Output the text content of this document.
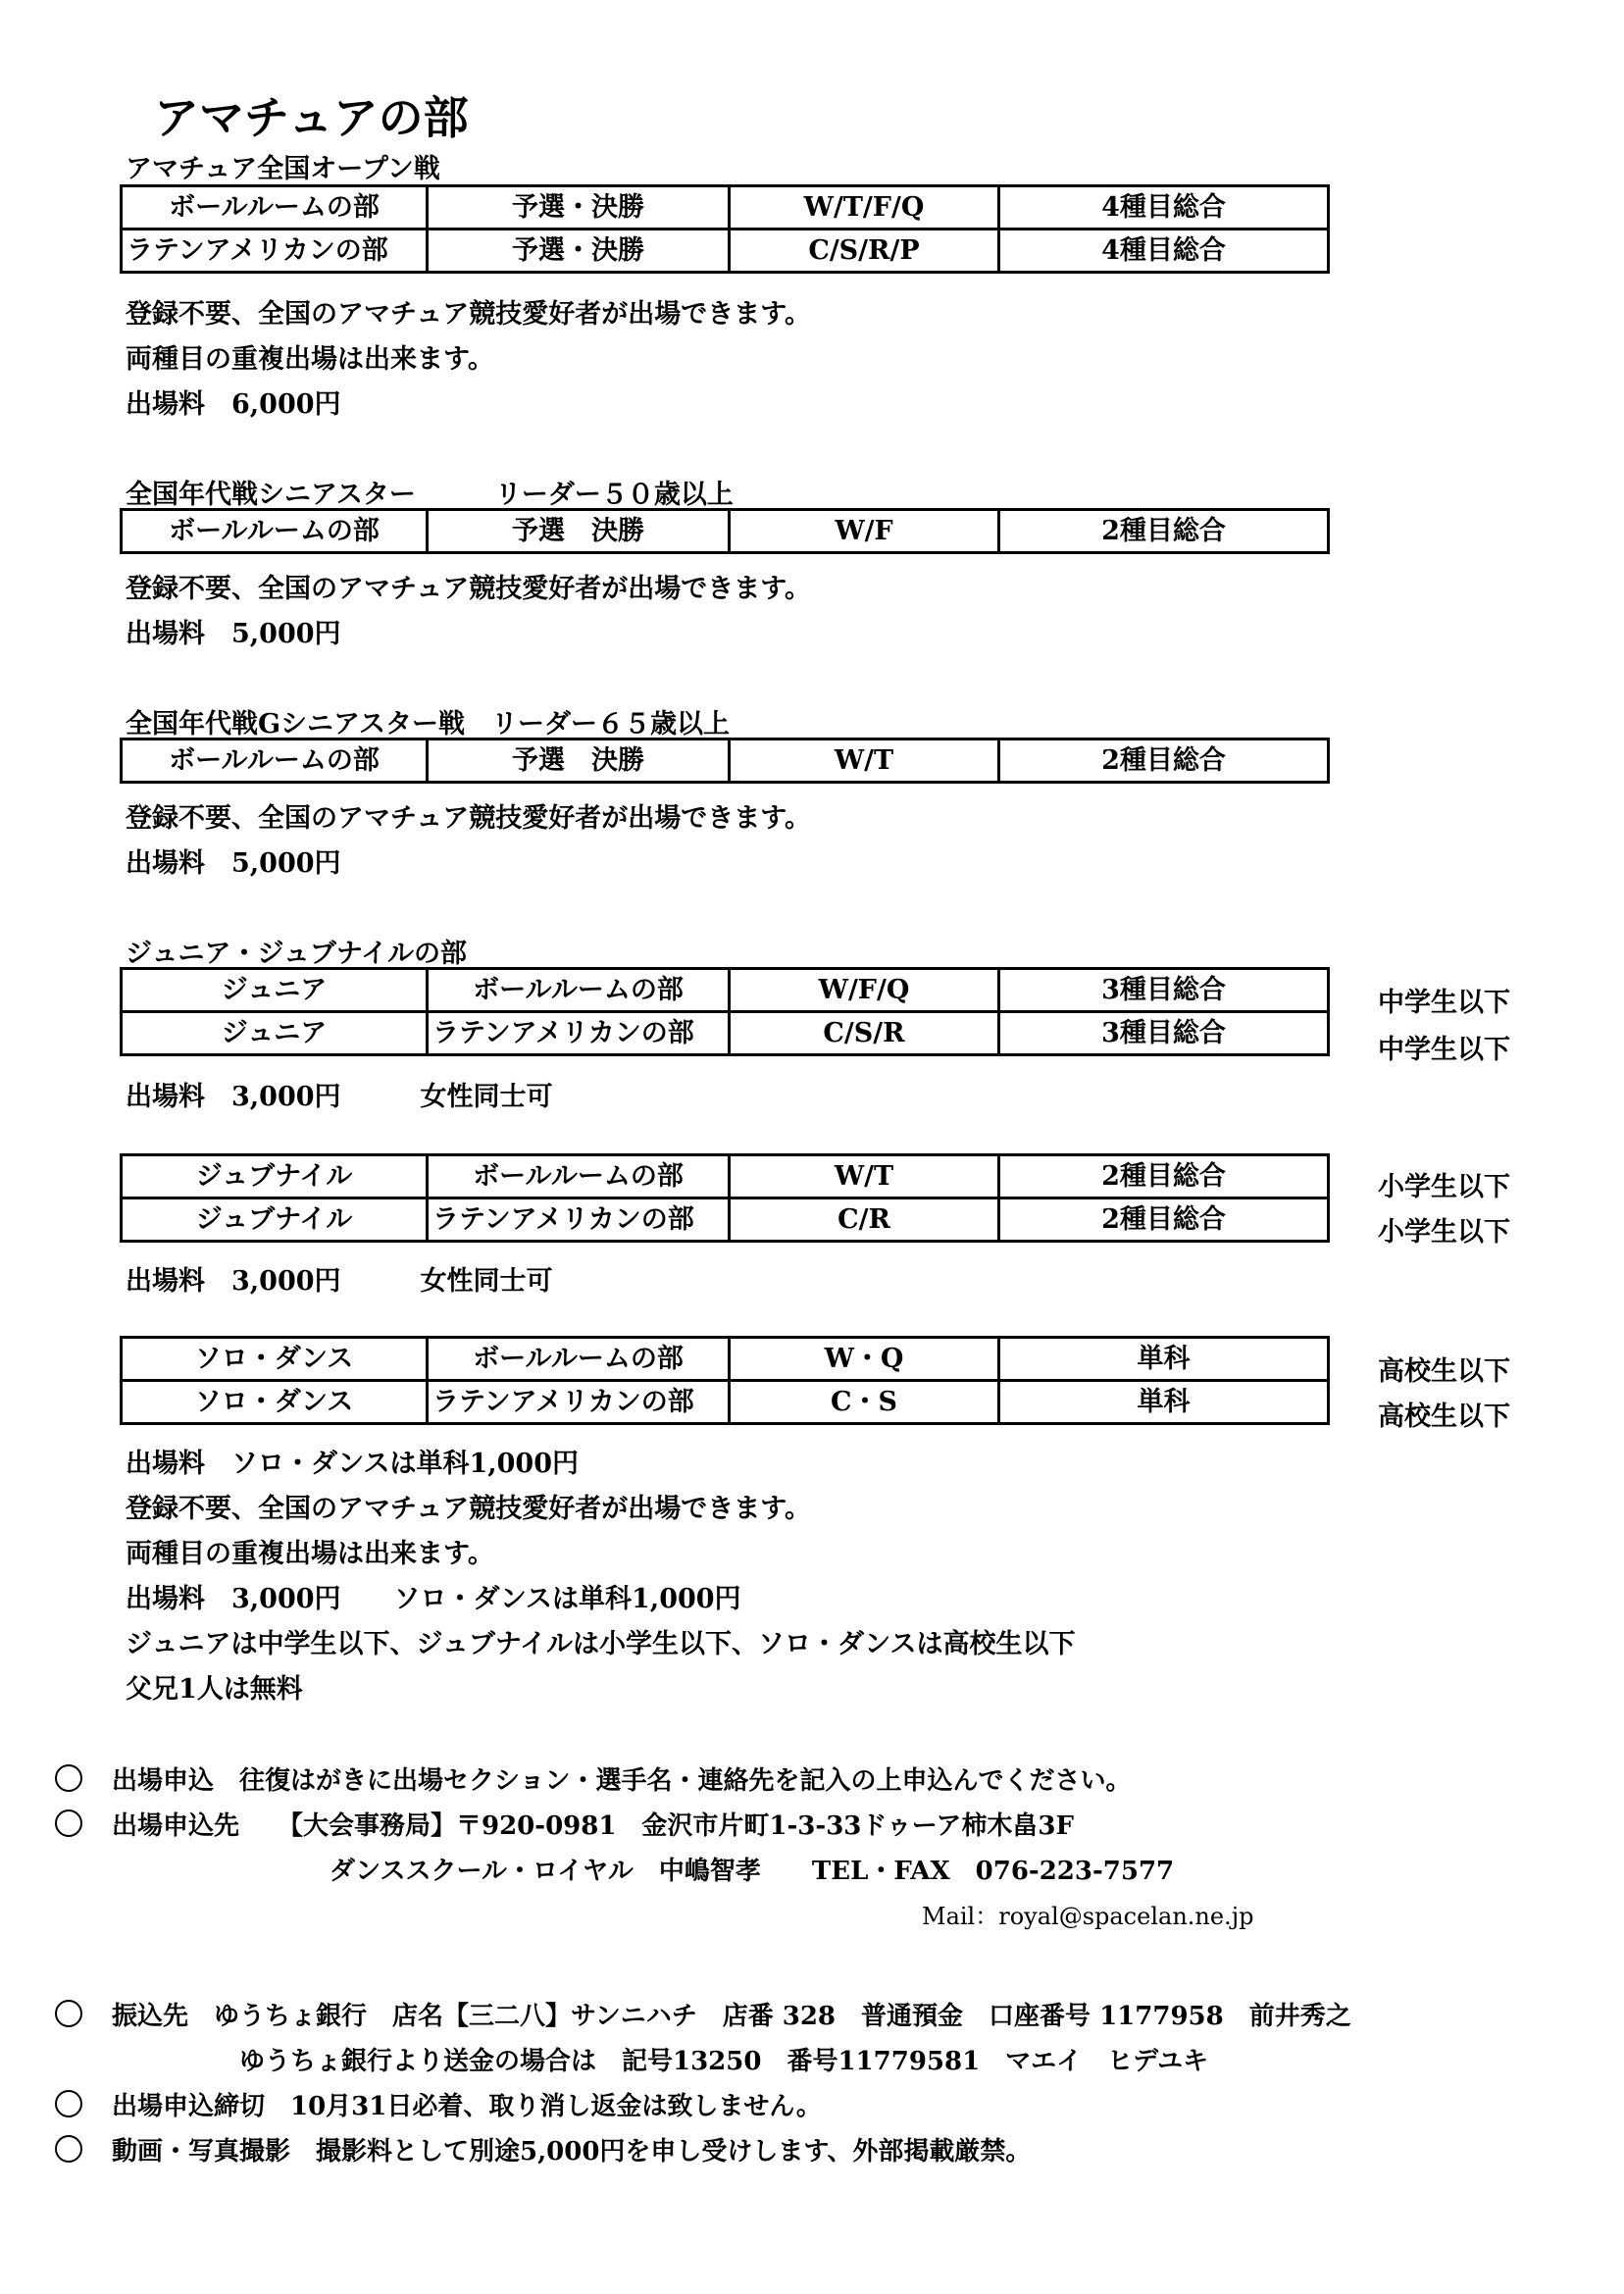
アマチュアの部
アマチュア全国オープン戦
ボールルームの部	予選・決勝	W/T/F/Q	4種目総合
ラテンアメリカンの部	予選・決勝	C/S/R/P	4種目総合
登録不要、全国のアマチュア競技愛好者が出場できます。
両種目の重複出場は出来ます。
出場料　6,000円
全国年代戦シニアスター　　　リーダー５０歳以上
ボールルームの部	予選　決勝	W/F	2種目総合
登録不要、全国のアマチュア競技愛好者が出場できます。
出場料　5,000円
全国年代戦Gシニアスター戦　リーダー６５歳以上
ボールルームの部	予選　決勝	W/T	2種目総合
登録不要、全国のアマチュア競技愛好者が出場できます。
出場料　5,000円
ジュニア・ジュブナイルの部
ジュニア	ボールルームの部	W/F/Q	3種目総合
ジュニア	ラテンアメリカンの部	C/S/R	3種目総合
中学生以下
中学生以下
出場料　3,000円　　　女性同士可
ジュブナイル	ボールルームの部	W/T	2種目総合
ジュブナイル	ラテンアメリカンの部	C/R	2種目総合
小学生以下
小学生以下
出場料　3,000円　　　女性同士可
ソロ・ダンス	ボールルームの部	W・Q	単科
ソロ・ダンス	ラテンアメリカンの部	C・S	単科
高校生以下
高校生以下
出場料　ソロ・ダンスは単科1,000円
登録不要、全国のアマチュア競技愛好者が出場できます。
両種目の重複出場は出来ます。
出場料　3,000円　　ソロ・ダンスは単科1,000円
ジュニアは中学生以下、ジュブナイルは小学生以下、ソロ・ダンスは高校生以下
父兄1人は無料
出場申込　往復はがきに出場セクション・選手名・連絡先を記入の上申込んでください。
出場申込先　　【大会事務局】〒920-0981　金沢市片町1-3-33ドゥーア柿木畠3F
ダンススクール・ロイヤル　中嶋智孝　　TEL・FAX　076-223-7577
Mail：royal@spacelan.ne.jp
振込先　ゆうちょ銀行　店名【三二八】サンニハチ　店番 328　普通預金　口座番号 1177958　前井秀之
ゆうちょ銀行より送金の場合は　記号13250　番号11779581　マエイ　ヒデユキ
出場申込締切　10月31日必着、取り消し返金は致しません。
動画・写真撮影　撮影料として別途5,000円を申し受けします、外部掲載厳禁。
